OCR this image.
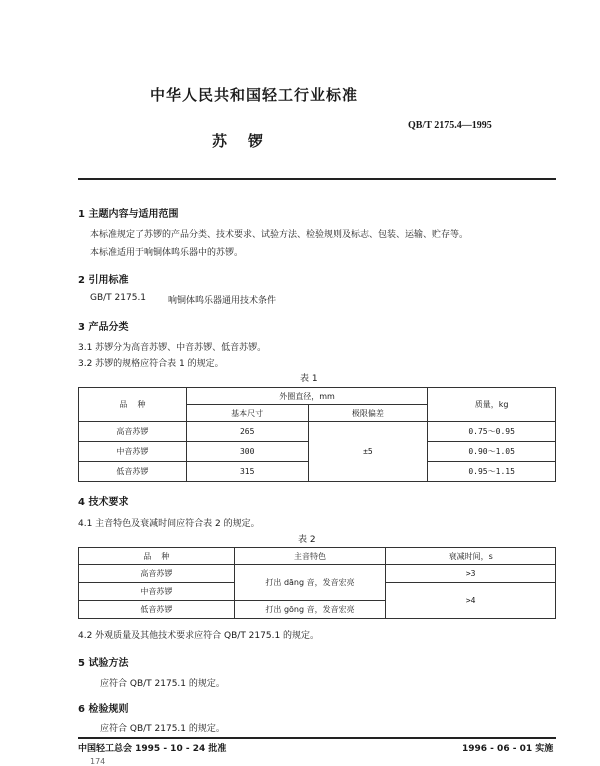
中华人民共和国轻工行业标准
QB/T 2175.4—1995
苏    锣
1 主题内容与适用范围
本标准规定了苏锣的产品分类、技术要求、试验方法、检验规则及标志、包装、运输、贮存等。
本标准适用于响铜体鸣乐器中的苏锣。
2 引用标准
GB/T 2175.1 响铜体鸣乐器通用技术条件
3 产品分类
3.1 苏锣分为高音苏锣、中音苏锣、低音苏锣。
3.2 苏锣的规格应符合表 1 的规定。
表 1
品    种	外圈直径，mm		质量，kg
	基本尺寸	极限偏差	
高音苏锣	265	±5	0.75～0.95
中音苏锣	300		0.90～1.05
低音苏锣	315		0.95～1.15
4 技术要求
4.1 主音特色及衰减时间应符合表 2 的规定。
表 2
品    种	主音特色	衰减时间，s
高音苏锣	打出 dāng 音，发音宏亮	>3
中音苏锣		>4
低音苏锣	打出 gōng 音，发音宏亮	
4.2 外观质量及其他技术要求应符合 QB/T 2175.1 的规定。
5 试验方法
应符合 QB/T 2175.1 的规定。
6 检验规则
应符合 QB/T 2175.1 的规定。
中国轻工总会 1995 - 10 - 24 批准	1996 - 06 - 01 实施
174
